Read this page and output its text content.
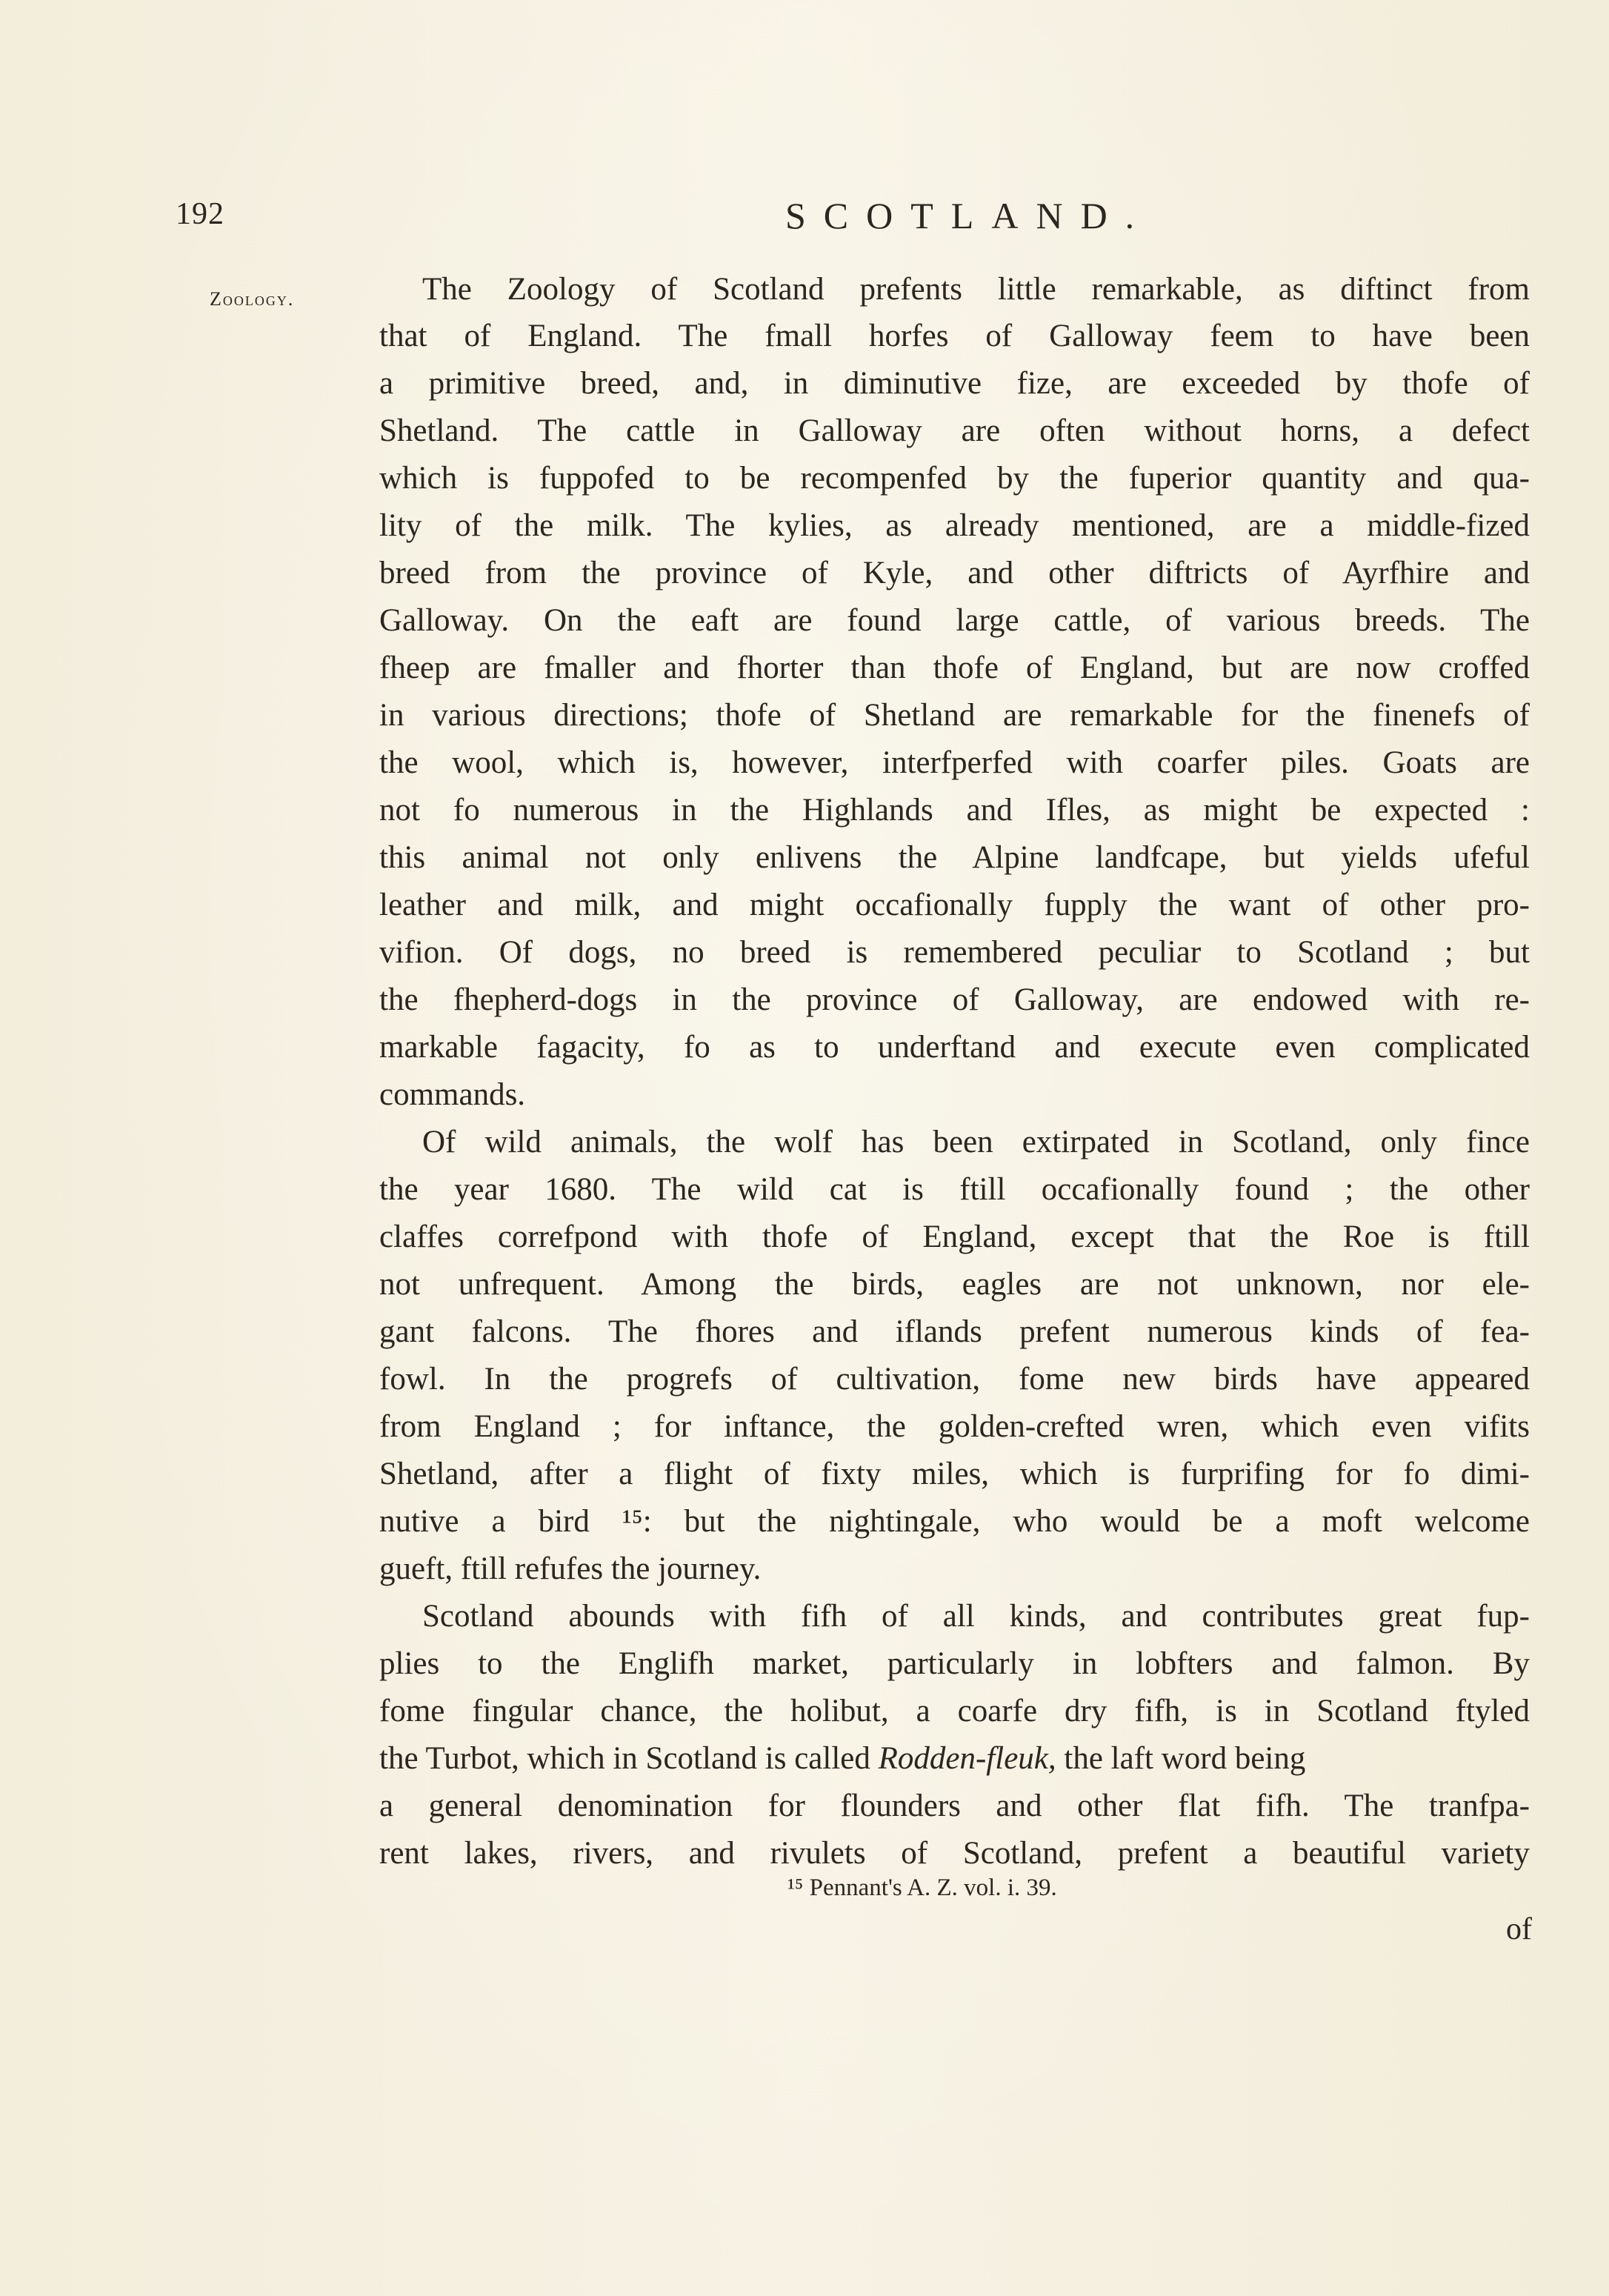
192	SCOTLAND.
Zoology.	The Zoology of Scotland prefents little remarkable, as diftinct from
that of England. The fmall horfes of Galloway feem to have been
a primitive breed, and, in diminutive fize, are exceeded by thofe of
Shetland. The cattle in Galloway are often without horns, a defect
which is fuppofed to be recompenfed by the fuperior quantity and qua-
lity of the milk. The kylies, as already mentioned, are a middle-fized
breed from the province of Kyle, and other diftricts of Ayrfhire and
Galloway. On the eaft are found large cattle, of various breeds. The
fheep are fmaller and fhorter than thofe of England, but are now croffed
in various directions; thofe of Shetland are remarkable for the finenefs of
the wool, which is, however, interfperfed with coarfer piles. Goats are
not fo numerous in the Highlands and Ifles, as might be expected :
this animal not only enlivens the Alpine landfcape, but yields ufeful
leather and milk, and might occafionally fupply the want of other pro-
vifion. Of dogs, no breed is remembered peculiar to Scotland ; but
the fhepherd-dogs in the province of Galloway, are endowed with re-
markable fagacity, fo as to underftand and execute even complicated
commands.
Of wild animals, the wolf has been extirpated in Scotland, only fince
the year 1680. The wild cat is ftill occafionally found ; the other
claffes correfpond with thofe of England, except that the Roe is ftill
not unfrequent. Among the birds, eagles are not unknown, nor ele-
gant falcons. The fhores and iflands prefent numerous kinds of fea-
fowl. In the progrefs of cultivation, fome new birds have appeared
from England ; for inftance, the golden-crefted wren, which even vifits
Shetland, after a flight of fixty miles, which is furprifing for fo dimi-
nutive a bird ¹⁵: but the nightingale, who would be a moft welcome
gueft, ftill refufes the journey.
Scotland abounds with fifh of all kinds, and contributes great fup-
plies to the Englifh market, particularly in lobfters and falmon. By
fome fingular chance, the holibut, a coarfe dry fifh, is in Scotland ftyled
the Turbot, which in Scotland is called Rodden-fleuk, the laft word being
a general denomination for flounders and other flat fifh. The tranfpa-
rent lakes, rivers, and rivulets of Scotland, prefent a beautiful variety
¹⁵ Pennant's A. Z. vol. i. 39.
of
